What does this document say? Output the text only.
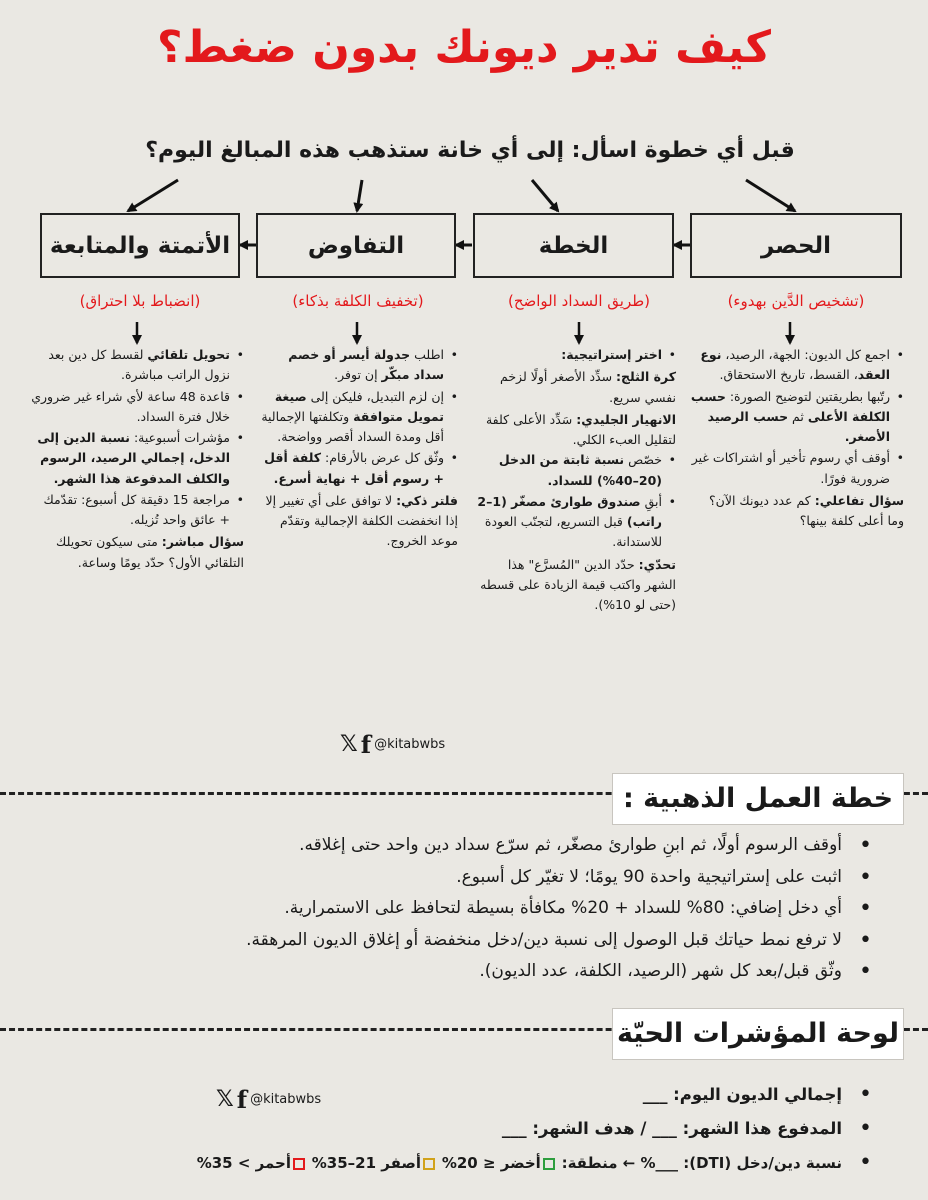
كيف تدير ديونك بدون ضغط؟
قبل أي خطوة اسأل: إلى أي خانة ستذهب هذه المبالغ اليوم؟
الحصر
الخطة
التفاوض
الأتمتة والمتابعة
(تشخيص الدَّين بهدوء)
(طريق السداد الواضح)
(تخفيف الكلفة بذكاء)
(انضباط بلا احتراق)
• اجمع كل الديون: الجهة، الرصيد، نوع العقد، القسط، تاريخ الاستحقاق.
• رتّبها بطريقتين لتوضيح الصورة: حسب الكلفة الأعلى ثم حسب الرصيد الأصغر.
• أوقف أي رسوم تأخير أو اشتراكات غير ضرورية فورًا.

سؤال تفاعلي: كم عدد ديونك الآن؟ وما أعلى كلفة بينها؟

• اختر إستراتيجية:

كرة الثلج: سدِّد الأصغر أولًا لزخم نفسي سريع.

الانهيار الجليدي: سَدِّد الأعلى كلفة لتقليل العبء الكلي.

• خصّص نسبة ثابتة من الدخل (20–40%) للسداد.
• أبقِ صندوق طوارئ مصغّر (1–2 راتب) قبل التسريع، لتجنّب العودة للاستدانة.

تحدّي: حدّد الدين "المُسرَّع" هذا الشهر واكتب قيمة الزيادة على قسطه (حتى لو 10%).

• اطلب جدولة أيسر أو خصم سداد مبكّر إن توفر.
• إن لزم التبديل، فليكن إلى صيغة تمويل متوافقة وتكلفتها الإجمالية أقل ومدة السداد أقصر وواضحة.
• وثّق كل عرض بالأرقام: كلفة أقل + رسوم أقل + نهاية أسرع.

فلتر ذكي: لا توافق على أي تغيير إلا إذا انخفضت الكلفة الإجمالية وتقدّم موعد الخروج.

• تحويل تلقائي لقسط كل دين بعد نزول الراتب مباشرة.
• قاعدة 48 ساعة لأي شراء غير ضروري خلال فترة السداد.
• مؤشرات أسبوعية: نسبة الدين إلى الدخل، إجمالي الرصيد، الرسوم والكلف المدفوعة هذا الشهر.
• مراجعة 15 دقيقة كل أسبوع: تقدّمك + عائق واحد تُزيله.

سؤال مباشر: متى سيكون تحويلك التلقائي الأول؟ حدّد يومًا وساعة.

𝕏 f @kitabwbs
خطة العمل الذهبية :
• أوقف الرسوم أولًا، ثم ابنِ طوارئ مصغّر، ثم سرّع سداد دين واحد حتى إغلاقه.
• اثبت على إستراتيجية واحدة 90 يومًا؛ لا تغيّر كل أسبوع.
• أي دخل إضافي: 80% للسداد + 20% مكافأة بسيطة لتحافظ على الاستمرارية.
• لا ترفع نمط حياتك قبل الوصول إلى نسبة دين/دخل منخفضة أو إغلاق الديون المرهقة.
• وثّق قبل/بعد كل شهر (الرصيد، الكلفة، عدد الديون).
لوحة المؤشرات الحيّة
𝕏 f @kitabwbs
•	إجمالي الديون اليوم: ___
• المدفوع هذا الشهر: ___ / هدف الشهر: ___
• نسبة دين/دخل (DTI): ___% ← منطقة: أخضر ≤ 20% أصفر 21–35% أحمر > 35%
